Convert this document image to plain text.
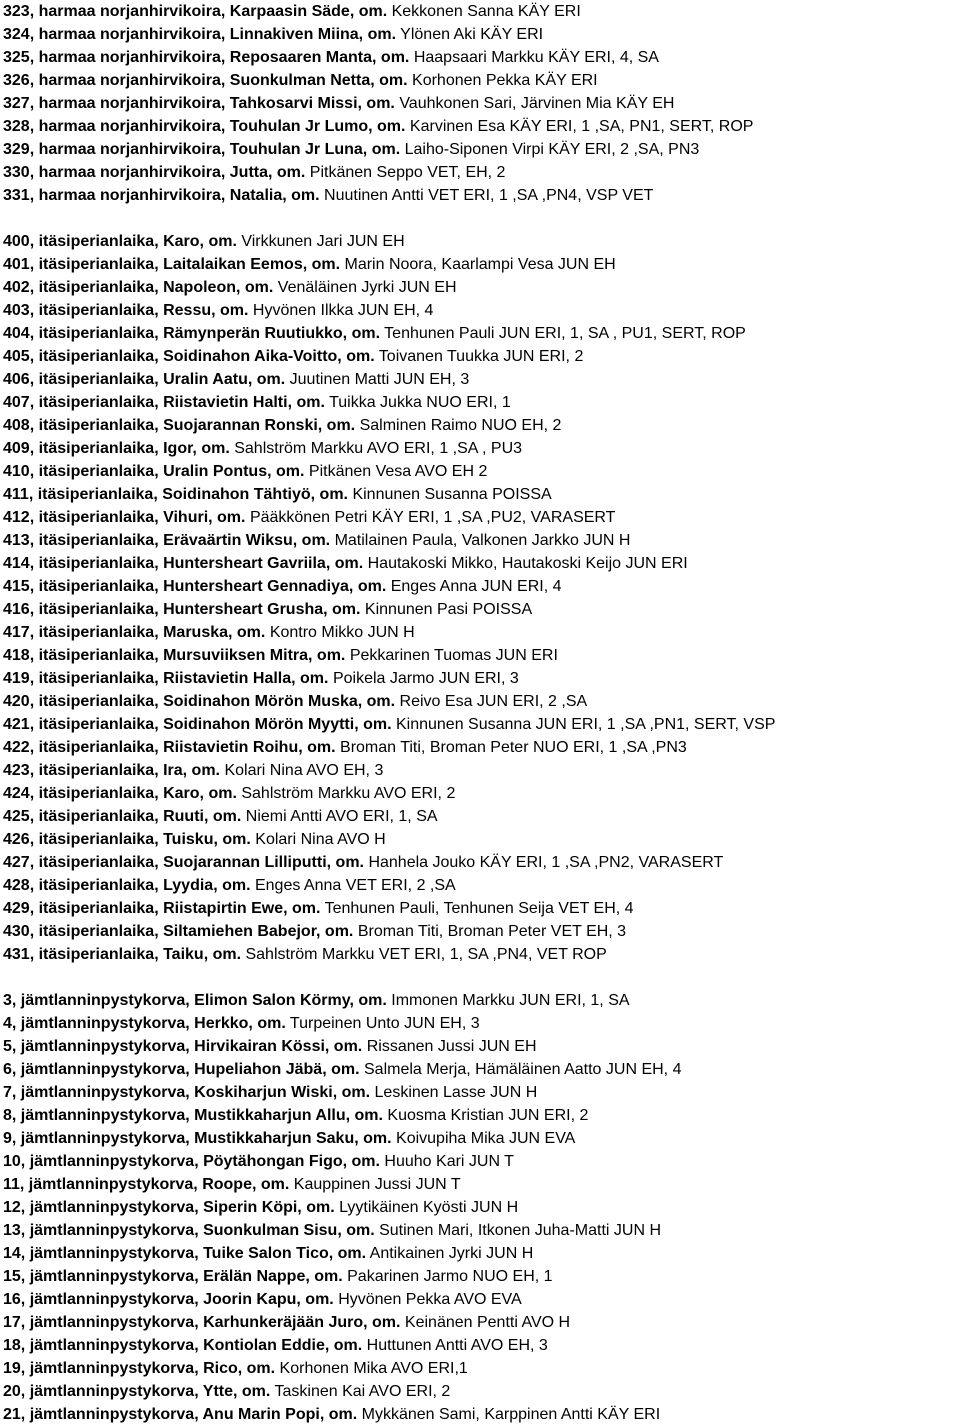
323, harmaa norjanhirvikoira, Karpaasin Säde, om. Kekkonen Sanna KÄY ERI
324, harmaa norjanhirvikoira, Linnakiven Miina, om. Ylönen Aki KÄY ERI
325, harmaa norjanhirvikoira, Reposaaren Manta, om. Haapsaari Markku KÄY ERI, 4, SA
326, harmaa norjanhirvikoira, Suonkulman Netta, om. Korhonen Pekka KÄY ERI
327, harmaa norjanhirvikoira, Tahkosarvi Missi, om. Vauhkonen Sari, Järvinen Mia KÄY EH
328, harmaa norjanhirvikoira, Touhulan Jr Lumo, om. Karvinen Esa KÄY ERI, 1 ,SA, PN1, SERT, ROP
329, harmaa norjanhirvikoira, Touhulan Jr Luna, om. Laiho-Siponen Virpi KÄY ERI, 2 ,SA, PN3
330, harmaa norjanhirvikoira, Jutta, om. Pitkänen Seppo VET, EH, 2
331, harmaa norjanhirvikoira, Natalia, om. Nuutinen Antti VET ERI, 1 ,SA ,PN4, VSP VET
400, itäsiperianlaika, Karo, om. Virkkunen Jari JUN EH
401, itäsiperianlaika, Laitalaikan Eemos, om. Marin Noora, Kaarlampi Vesa JUN EH
402, itäsiperianlaika, Napoleon, om. Venäläinen Jyrki JUN EH
403, itäsiperianlaika, Ressu, om. Hyvönen Ilkka JUN EH, 4
404, itäsiperianlaika, Rämynperän Ruutiukko, om. Tenhunen Pauli JUN ERI, 1, SA , PU1, SERT, ROP
405, itäsiperianlaika, Soidinahon Aika-Voitto, om. Toivanen Tuukka JUN ERI, 2
406, itäsiperianlaika, Uralin Aatu, om. Juutinen Matti JUN EH, 3
407, itäsiperianlaika, Riistavietin Halti, om. Tuikka Jukka NUO ERI, 1
408, itäsiperianlaika, Suojarannan Ronski, om. Salminen Raimo NUO EH, 2
409, itäsiperianlaika, Igor, om. Sahlström Markku AVO ERI, 1 ,SA , PU3
410, itäsiperianlaika, Uralin Pontus, om. Pitkänen Vesa AVO EH 2
411, itäsiperianlaika, Soidinahon Tähtiyö, om. Kinnunen Susanna POISSA
412, itäsiperianlaika, Vihuri, om. Pääkkönen Petri KÄY ERI, 1 ,SA ,PU2, VARASERT
413, itäsiperianlaika, Erävaärtin Wiksu, om. Matilainen Paula, Valkonen Jarkko JUN H
414, itäsiperianlaika, Huntersheart Gavriila, om. Hautakoski Mikko, Hautakoski Keijo JUN ERI
415, itäsiperianlaika, Huntersheart Gennadiya, om. Enges Anna JUN ERI, 4
416, itäsiperianlaika, Huntersheart Grusha, om. Kinnunen Pasi POISSA
417, itäsiperianlaika, Maruska, om. Kontro Mikko JUN H
418, itäsiperianlaika, Mursuviiksen Mitra, om. Pekkarinen Tuomas JUN ERI
419, itäsiperianlaika, Riistavietin Halla, om. Poikela Jarmo JUN ERI, 3
420, itäsiperianlaika, Soidinahon Mörön Muska, om. Reivo Esa JUN ERI, 2 ,SA
421, itäsiperianlaika, Soidinahon Mörön Myytti, om. Kinnunen Susanna JUN ERI, 1 ,SA ,PN1, SERT, VSP
422, itäsiperianlaika, Riistavietin Roihu, om. Broman Titi, Broman Peter NUO ERI, 1 ,SA ,PN3
423, itäsiperianlaika, Ira, om. Kolari Nina AVO EH, 3
424, itäsiperianlaika, Karo, om. Sahlström Markku AVO ERI, 2
425, itäsiperianlaika, Ruuti, om. Niemi Antti AVO ERI, 1, SA
426, itäsiperianlaika, Tuisku, om. Kolari Nina AVO H
427, itäsiperianlaika, Suojarannan Lilliputti, om. Hanhela Jouko KÄY ERI, 1 ,SA ,PN2, VARASERT
428, itäsiperianlaika, Lyydia, om. Enges Anna VET ERI, 2 ,SA
429, itäsiperianlaika, Riistapirtin Ewe, om. Tenhunen Pauli, Tenhunen Seija VET EH, 4
430, itäsiperianlaika, Siltamiehen Babejor, om. Broman Titi, Broman Peter VET EH, 3
431, itäsiperianlaika, Taiku, om. Sahlström Markku VET ERI, 1, SA ,PN4, VET ROP
3, jämtlanninpystykorva, Elimon Salon Körmy, om. Immonen Markku JUN ERI, 1, SA
4, jämtlanninpystykorva, Herkko, om. Turpeinen Unto JUN EH, 3
5, jämtlanninpystykorva, Hirvikairan Kössi, om. Rissanen Jussi JUN EH
6, jämtlanninpystykorva, Hupeliahon Jäbä, om. Salmela Merja, Hämäläinen Aatto JUN EH, 4
7, jämtlanninpystykorva, Koskiharjun Wiski, om. Leskinen Lasse JUN H
8, jämtlanninpystykorva, Mustikkaharjun Allu, om. Kuosma Kristian JUN ERI, 2
9, jämtlanninpystykorva, Mustikkaharjun Saku, om. Koivupiha Mika JUN EVA
10, jämtlanninpystykorva, Pöytähongan Figo, om. Huuho Kari JUN T
11, jämtlanninpystykorva, Roope, om. Kauppinen Jussi JUN T
12, jämtlanninpystykorva, Siperin Köpi, om. Lyytikäinen Kyösti JUN H
13, jämtlanninpystykorva, Suonkulman Sisu, om. Sutinen Mari, Itkonen Juha-Matti JUN H
14, jämtlanninpystykorva, Tuike Salon Tico, om. Antikainen Jyrki JUN H
15, jämtlanninpystykorva, Erälän Nappe, om. Pakarinen Jarmo NUO EH, 1
16, jämtlanninpystykorva, Joorin Kapu, om. Hyvönen Pekka AVO EVA
17, jämtlanninpystykorva, Karhunkeräjään Juro, om. Keinänen Pentti AVO H
18, jämtlanninpystykorva, Kontiolan Eddie, om. Huttunen Antti AVO EH, 3
19, jämtlanninpystykorva, Rico, om. Korhonen Mika AVO ERI,1
20, jämtlanninpystykorva, Ytte, om. Taskinen Kai AVO ERI, 2
21, jämtlanninpystykorva, Anu Marin Popi, om. Mykkänen Sami, Karppinen Antti KÄY ERI
